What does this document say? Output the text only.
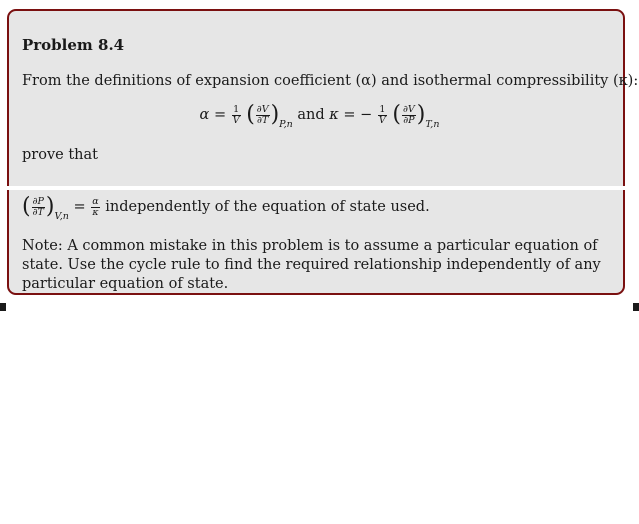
Problem 8.4
From the definitions of expansion coefficient (α) and isothermal compressibility (κ):
$\alpha = \frac{1}{V}$ ( $\frac{\partial V}{\partial T} )_{P,n}$ and κ = − $\frac{1}{V}$ ( $\frac{\partial V}{\partial P} )_{T,n}$
prove that
( $\frac{\partial P}{\partial T} )_{V,n} = \frac{\alpha}{\kappa}$ independently of the equation of state used.
Note: A common mistake in this problem is to assume a particular equation of state. Use the cycle rule to find the required relationship independently of any particular equation of state.
